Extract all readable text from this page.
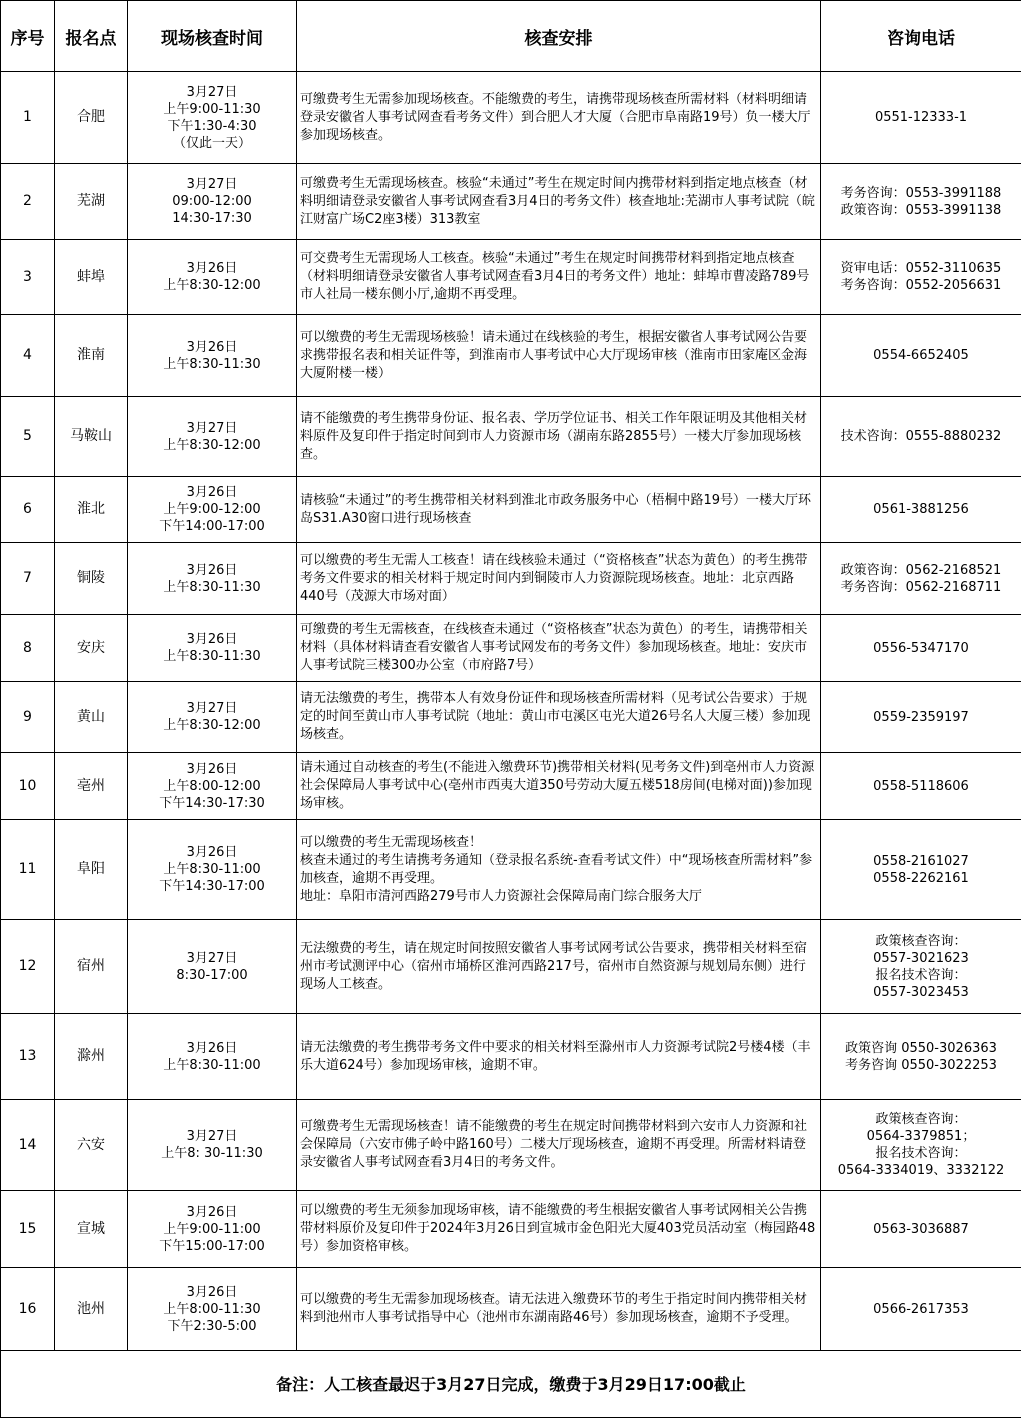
序号	报名点	现场核查时间	核查安排	咨询电话
1	合肥	3月27日
上午9:00-11:30
下午1:30-4:30
（仅此一天）	可缴费考生无需参加现场核查。不能缴费的考生，请携带现场核查所需材料（材料明细请登录安徽省人事考试网查看考务文件）到合肥人才大厦（合肥市阜南路19号）负一楼大厅参加现场核查。	0551-12333-1
2	芜湖	3月27日
09:00-12:00
14:30-17:30	可缴费考生无需现场核查。核验“未通过”考生在规定时间内携带材料到指定地点核查（材料明细请登录安徽省人事考试网查看3月4日的考务文件）核查地址:芜湖市人事考试院（皖江财富广场C2座3楼）313教室	考务咨询：0553-3991188
政策咨询：0553-3991138
3	蚌埠	3月26日
上午8:30-12:00	可交费考生无需现场人工核查。核验“未通过”考生在规定时间携带材料到指定地点核查（材料明细请登录安徽省人事考试网查看3月4日的考务文件）地址：蚌埠市曹凌路789号市人社局一楼东侧小厅,逾期不再受理。	资审电话：0552-3110635
考务咨询：0552-2056631
4	淮南	3月26日
上午8:30-11:30	可以缴费的考生无需现场核验！请未通过在线核验的考生，根据安徽省人事考试网公告要求携带报名表和相关证件等，到淮南市人事考试中心大厅现场审核（淮南市田家庵区金海大厦附楼一楼）	0554-6652405
5	马鞍山	3月27日
上午8:30-12:00	请不能缴费的考生携带身份证、报名表、学历学位证书、相关工作年限证明及其他相关材料原件及复印件于指定时间到市人力资源市场（湖南东路2855号）一楼大厅参加现场核查。	技术咨询：0555-8880232
6	淮北	3月26日
上午9:00-12:00
下午14:00-17:00	请核验“未通过”的考生携带相关材料到淮北市政务服务中心（梧桐中路19号）一楼大厅环岛S31.A30窗口进行现场核查	0561-3881256
7	铜陵	3月26日
上午8:30-11:30	可以缴费的考生无需人工核查！请在线核验未通过（“资格核查”状态为黄色）的考生携带考务文件要求的相关材料于规定时间内到铜陵市人力资源院现场核查。地址：北京西路440号（茂源大市场对面）	政策咨询：0562-2168521
考务咨询：0562-2168711
8	安庆	3月26日
上午8:30-11:30	可缴费的考生无需核查，在线核查未通过（“资格核查”状态为黄色）的考生，请携带相关材料（具体材料请查看安徽省人事考试网发布的考务文件）参加现场核查。地址：安庆市人事考试院三楼300办公室（市府路7号）	0556-5347170
9	黄山	3月27日
上午8:30-12:00	请无法缴费的考生，携带本人有效身份证件和现场核查所需材料（见考试公告要求）于规定的时间至黄山市人事考试院（地址：黄山市屯溪区屯光大道26号名人大厦三楼）参加现场核查。	0559-2359197
10	亳州	3月26日
上午8:00-12:00
下午14:30-17:30	请未通过自动核查的考生(不能进入缴费环节)携带相关材料(见考务文件)到亳州市人力资源社会保障局人事考试中心(亳州市西夷大道350号劳动大厦五楼518房间(电梯对面))参加现场审核。	0558-5118606
11	阜阳	3月26日
上午8:30-11:00
下午14:30-17:00	可以缴费的考生无需现场核查！
核查未通过的考生请携考务通知（登录报名系统-查看考试文件）中“现场核查所需材料”参加核查，逾期不再受理。
地址：阜阳市清河西路279号市人力资源社会保障局南门综合服务大厅	0558-2161027
0558-2262161
12	宿州	3月27日
8:30-17:00	无法缴费的考生，请在规定时间按照安徽省人事考试网考试公告要求，携带相关材料至宿州市考试测评中心（宿州市埇桥区淮河西路217号，宿州市自然资源与规划局东侧）进行现场人工核查。	政策核查咨询：
0557-3021623
报名技术咨询：
0557-3023453
13	滁州	3月26日
上午8:30-11:00	请无法缴费的考生携带考务文件中要求的相关材料至滁州市人力资源考试院2号楼4楼（丰乐大道624号）参加现场审核，逾期不审。	政策咨询 0550-3026363
考务咨询 0550-3022253
14	六安	3月27日
上午8: 30-11:30	可缴费考生无需现场核查！请不能缴费的考生在规定时间携带材料到六安市人力资源和社会保障局（六安市佛子岭中路160号）二楼大厅现场核查，逾期不再受理。所需材料请登录安徽省人事考试网查看3月4日的考务文件。	政策核查咨询：
0564-3379851；
报名技术咨询：
0564-3334019、3332122
15	宣城	3月26日
上午9:00-11:00
下午15:00-17:00	可以缴费的考生无须参加现场审核，请不能缴费的考生根据安徽省人事考试网相关公告携带材料原价及复印件于2024年3月26日到宣城市金色阳光大厦403党员活动室（梅园路48号）参加资格审核。	0563-3036887
16	池州	3月26日
上午8:00-11:30
下午2:30-5:00	可以缴费的考生无需参加现场核查。请无法进入缴费环节的考生于指定时间内携带相关材料到池州市人事考试指导中心（池州市东湖南路46号）参加现场核查，逾期不予受理。	0566-2617353
备注：人工核查最迟于3月27日完成，缴费于3月29日17:00截止				
